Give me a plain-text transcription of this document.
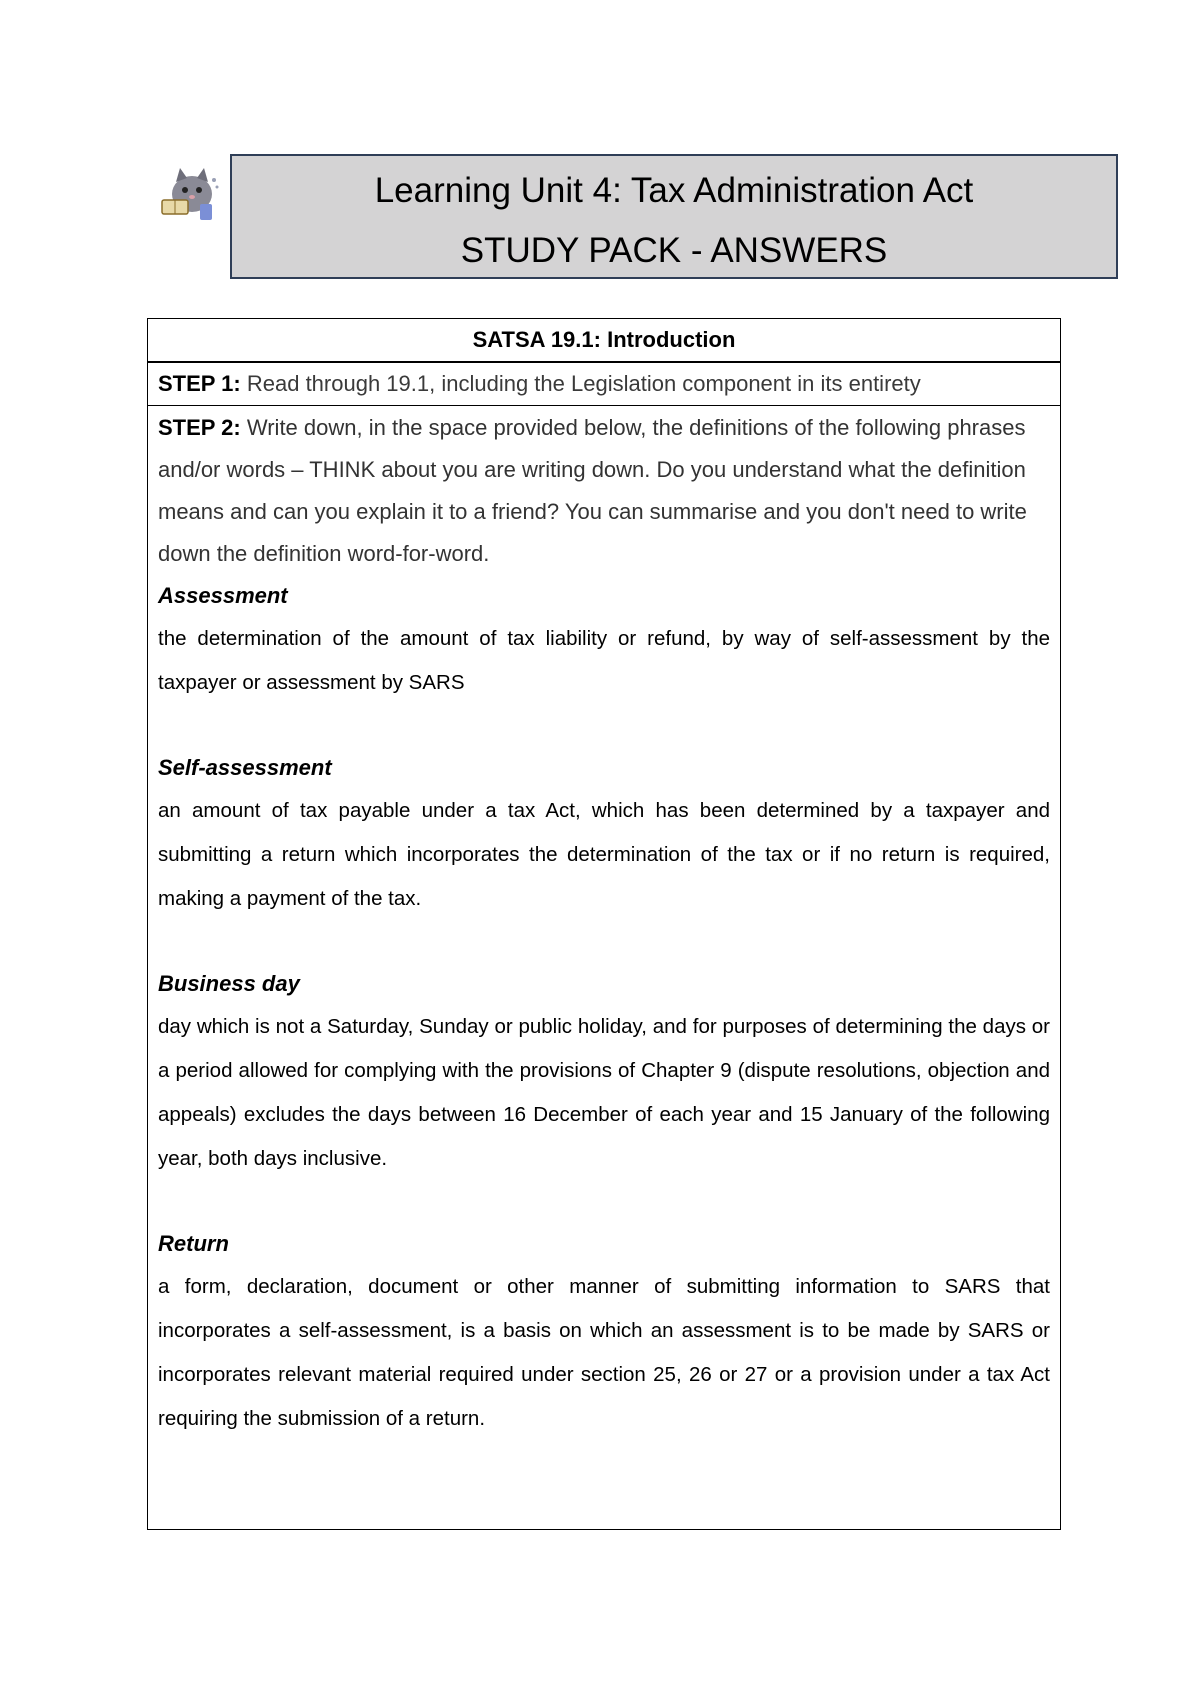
Learning Unit 4: Tax Administration Act
STUDY PACK - ANSWERS
SATSA 19.1: Introduction
STEP 1: Read through 19.1, including the Legislation component in its entirety
STEP 2: Write down, in the space provided below, the definitions of the following phrases and/or words – THINK about you are writing down. Do you understand what the definition means and can you explain it to a friend? You can summarise and you don't need to write down the definition word-for-word.

Assessment

the determination of the amount of tax liability or refund, by way of self-assessment by the taxpayer or assessment by SARS

Self-assessment

an amount of tax payable under a tax Act, which has been determined by a taxpayer and submitting a return which incorporates the determination of the tax or if no return is required, making a payment of the tax.

Business day

day which is not a Saturday, Sunday or public holiday, and for purposes of determining the days or a period allowed for complying with the provisions of Chapter 9 (dispute resolutions, objection and appeals) excludes the days between 16 December of each year and 15 January of the following year, both days inclusive.

Return

a form, declaration, document or other manner of submitting information to SARS that incorporates a self-assessment, is a basis on which an assessment is to be made by SARS or incorporates relevant material required under section 25, 26 or 27 or a provision under a tax Act requiring the submission of a return.
